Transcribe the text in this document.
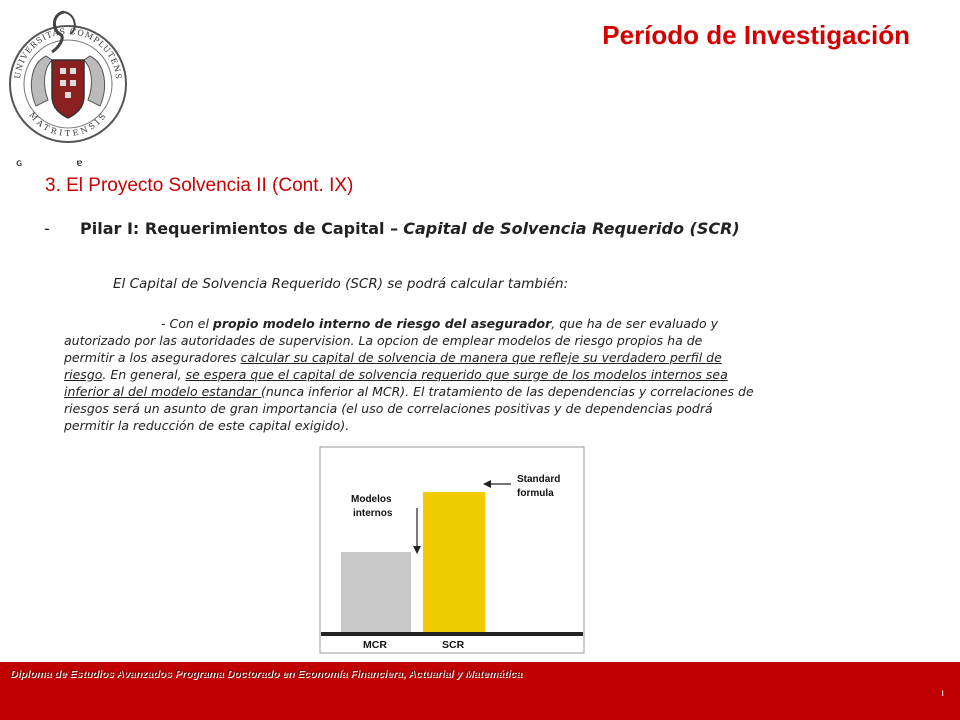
UNIVERSITAS COMPLUTENS
MATRITENSIS
ɢ                 ɐ
Período de Investigación
3. El Proyecto Solvencia II (Cont. IX)
- Pilar I: Requerimientos de Capital – Capital de Solvencia Requerido (SCR)
El Capital de Solvencia Requerido (SCR) se podrá calcular también:
- Con el propio modelo interno de riesgo del asegurador, que ha de ser evaluado y
autorizado por las autoridades de supervision. La opcion de emplear modelos de riesgo propios ha de
permitir a los aseguradores calcular su capital de solvencia de manera que refleje su verdadero perfil de
riesgo. En general, se espera que el capital de solvencia requerido que surge de los modelos internos sea
inferior al del modelo estandar (nunca inferior al MCR). El tratamiento de las dependencias y correlaciones de
riesgos será un asunto de gran importancia (el uso de correlaciones positivas y de dependencias podrá
permitir la reducción de este capital exigido).
Modelos
internos
Standard
formula
MCR	SCR
Diploma de Estudios Avanzados Programa Doctorado en Economía Financiera, Actuarial y Matemática
ı
